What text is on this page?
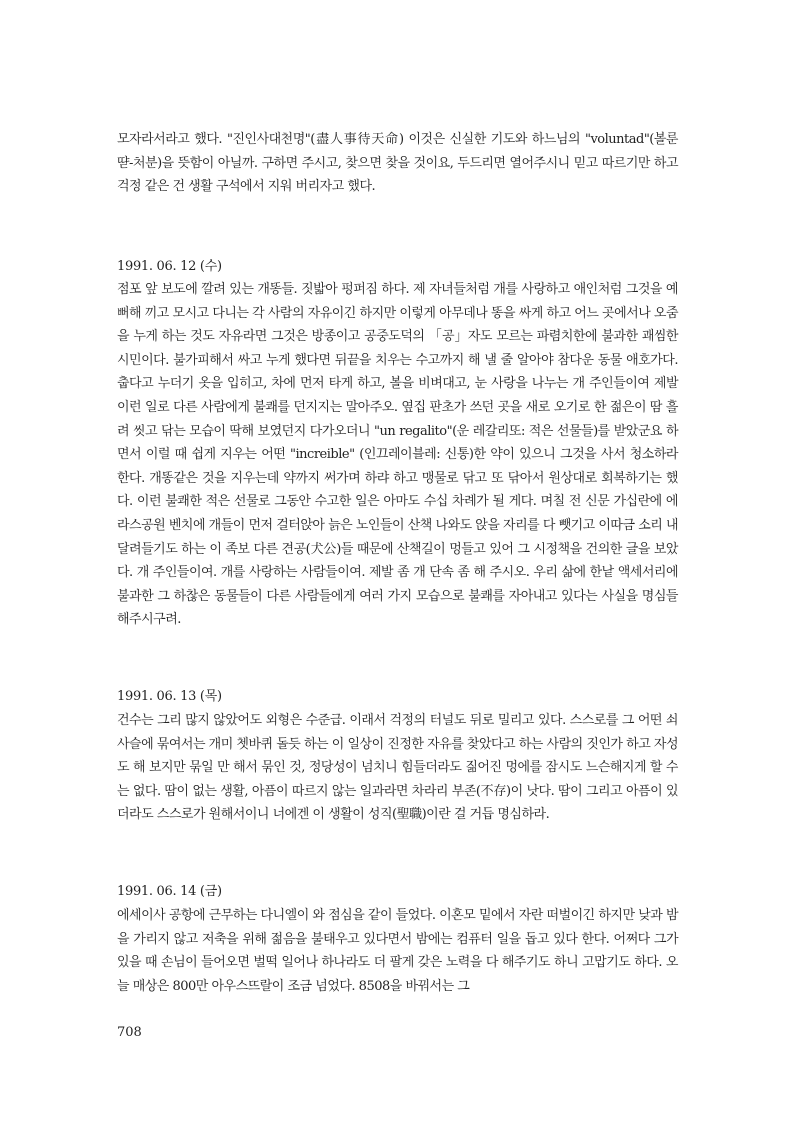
모자라서라고 했다. "진인사대천명"(盡人事待天命) 이것은 신실한 기도와 하느님의 "voluntad"(볼룬 땯-처분)을 뜻함이 아닐까. 구하면 주시고, 찾으면 찾을 것이요, 두드리면 열어주시니 믿고 따르기만 하고 걱정 같은 건 생활 구석에서 지워 버리자고 했다.

1991. 06. 12 (수)

점포 앞 보도에 깔려 있는 개똥들. 짓밟아 펑퍼짐 하다. 제 자녀들처럼 개를 사랑하고 애인처럼 그것을 예뻐해 끼고 모시고 다니는 각 사람의 자유이긴 하지만 이렇게 아무데나 똥을 싸게 하고 어느 곳에서나 오줌을 누게 하는 것도 자유라면 그것은 방종이고 공중도덕의 「공」자도 모르는 파렴치한에 불과한 괘씸한 시민이다. 불가피해서 싸고 누게 했다면 뒤끝을 치우는 수고까지 해 낼 줄 알아야 참다운 동물 애호가다. 춥다고 누더기 옷을 입히고, 차에 먼저 타게 하고, 볼을 비벼대고, 눈 사랑을 나누는 개 주인들이여 제발 이런 일로 다른 사람에게 불쾌를 던지지는 말아주오. 옆집 판초가 쓰던 곳을 새로 오기로 한 젊은이 땀 흘려 씻고 닦는 모습이 딱해 보였던지 다가오더니 "un regalito"(운 레갈리또: 적은 선물들)를 받았군요 하면서 이럴 때 쉽게 지우는 어떤 "increible" (인끄레이블레: 신통)한 약이 있으니 그것을 사서 청소하라 한다. 개똥같은 것을 지우는데 약까지 써가며 하랴 하고 맹물로 닦고 또 닦아서 원상대로 회복하기는 했다. 이런 불쾌한 적은 선물로 그동안 수고한 일은 아마도 수십 차례가 될 게다. 며칠 전 신문 가십란에 에라스공원 벤치에 개들이 먼저 걸터앉아 늙은 노인들이 산책 나와도 앉을 자리를 다 뺏기고 이따금 소리 내 달려들기도 하는 이 족보 다른 견공(犬公)들 때문에 산책길이 멍들고 있어 그 시정책을 건의한 글을 보았다. 개 주인들이여. 개를 사랑하는 사람들이여. 제발 좀 개 단속 좀 해 주시오. 우리 삶에 한낱 액세서리에 불과한 그 하찮은 동물들이 다른 사람들에게 여러 가지 모습으로 불쾌를 자아내고 있다는 사실을 명심들 해주시구려.

1991. 06. 13 (목)

건수는 그리 많지 않았어도 외형은 수준급. 이래서 걱정의 터널도 뒤로 밀리고 있다. 스스로를 그 어떤 쇠사슬에 묶여서는 개미 쳇바퀴 돌듯 하는 이 일상이 진정한 자유를 찾았다고 하는 사람의 짓인가 하고 자성도 해 보지만 묶일 만 해서 묶인 것, 정당성이 넘치니 힘들더라도 짊어진 멍에를 잠시도 느슨해지게 할 수는 없다. 땀이 없는 생활, 아픔이 따르지 않는 일과라면 차라리 부존(不存)이 낫다. 땀이 그리고 아픔이 있더라도 스스로가 원해서이니 너에겐 이 생활이 성직(聖職)이란 걸 거듭 명심하라.

1991. 06. 14 (금)

에세이사 공항에 근무하는 다니엘이 와 점심을 같이 들었다. 이혼모 밑에서 자란 떠벌이긴 하지만 낮과 밤을 가리지 않고 저축을 위해 젊음을 불태우고 있다면서 밤에는 컴퓨터 일을 돕고 있다 한다. 어쩌다 그가 있을 때 손님이 들어오면 벌떡 일어나 하나라도 더 팔게 갖은 노력을 다 해주기도 하니 고맙기도 하다. 오늘 매상은 800만 아우스뜨랄이 조금 넘었다. 8508을 바꿔서는 그

708
